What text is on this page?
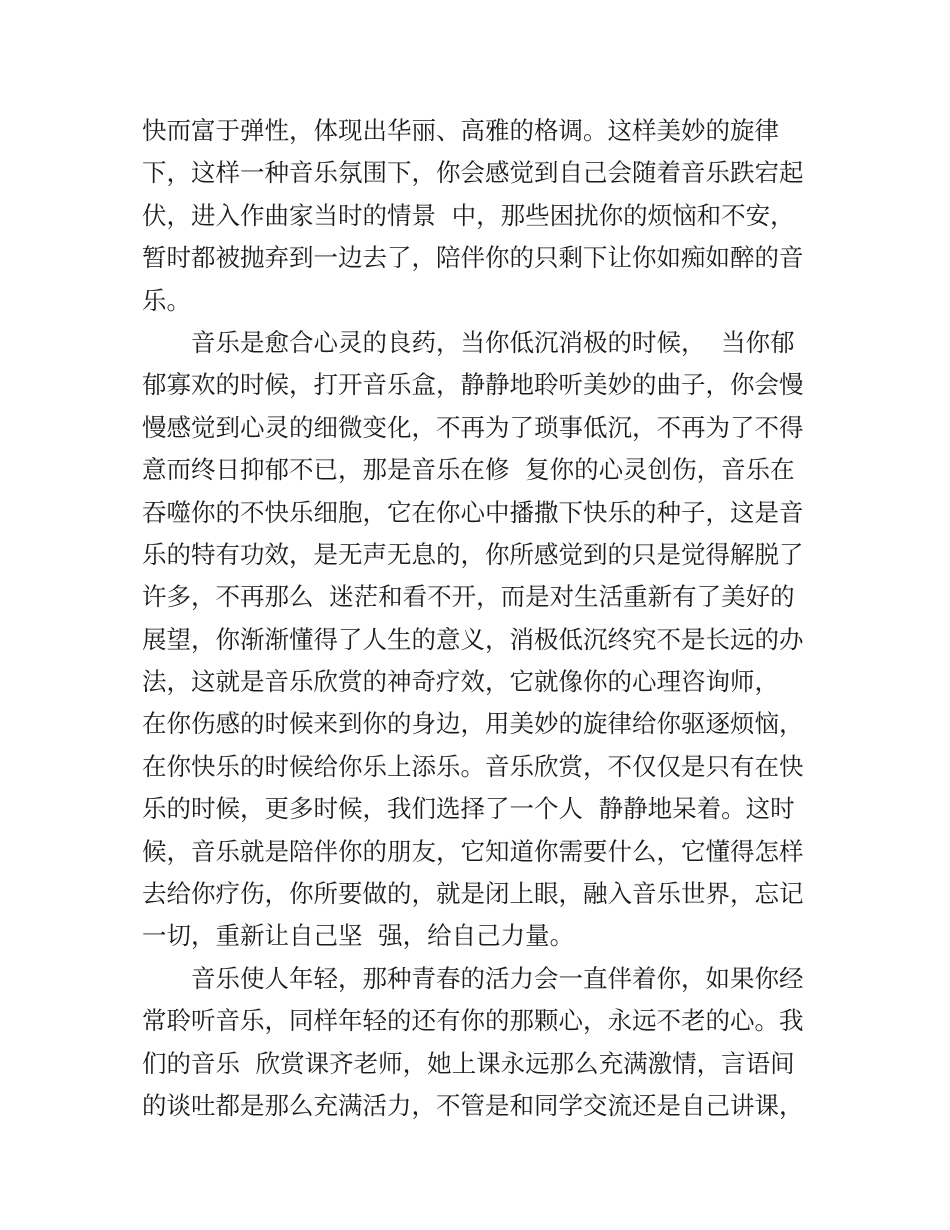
快而富于弹性，体现出华丽、高雅的格调。这样美妙的旋律
下，这样一种音乐氛围下，你会感觉到自己会随着音乐跌宕起
伏，进入作曲家当时的情景  中，那些困扰你的烦恼和不安，
暂时都被抛弃到一边去了，陪伴你的只剩下让你如痴如醉的音
乐。
音乐是愈合心灵的良药，当你低沉消极的时候，  当你郁
郁寡欢的时候，打开音乐盒，静静地聆听美妙的曲子，你会慢
慢感觉到心灵的细微变化，不再为了琐事低沉，不再为了不得
意而终日抑郁不已，那是音乐在修  复你的心灵创伤，音乐在
吞噬你的不快乐细胞，它在你心中播撒下快乐的种子，这是音
乐的特有功效，是无声无息的，你所感觉到的只是觉得解脱了
许多，不再那么  迷茫和看不开，而是对生活重新有了美好的
展望，你渐渐懂得了人生的意义，消极低沉终究不是长远的办
法，这就是音乐欣赏的神奇疗效，它就像你的心理咨询师，
在你伤感的时候来到你的身边，用美妙的旋律给你驱逐烦恼，
在你快乐的时候给你乐上添乐。音乐欣赏，不仅仅是只有在快
乐的时候，更多时候，我们选择了一个人  静静地呆着。这时
候，音乐就是陪伴你的朋友，它知道你需要什么，它懂得怎样
去给你疗伤，你所要做的，就是闭上眼，融入音乐世界，忘记
一切，重新让自己坚  强，给自己力量。
音乐使人年轻，那种青春的活力会一直伴着你，如果你经
常聆听音乐，同样年轻的还有你的那颗心，永远不老的心。我
们的音乐  欣赏课齐老师，她上课永远那么充满激情，言语间
的谈吐都是那么充满活力，不管是和同学交流还是自己讲课，
